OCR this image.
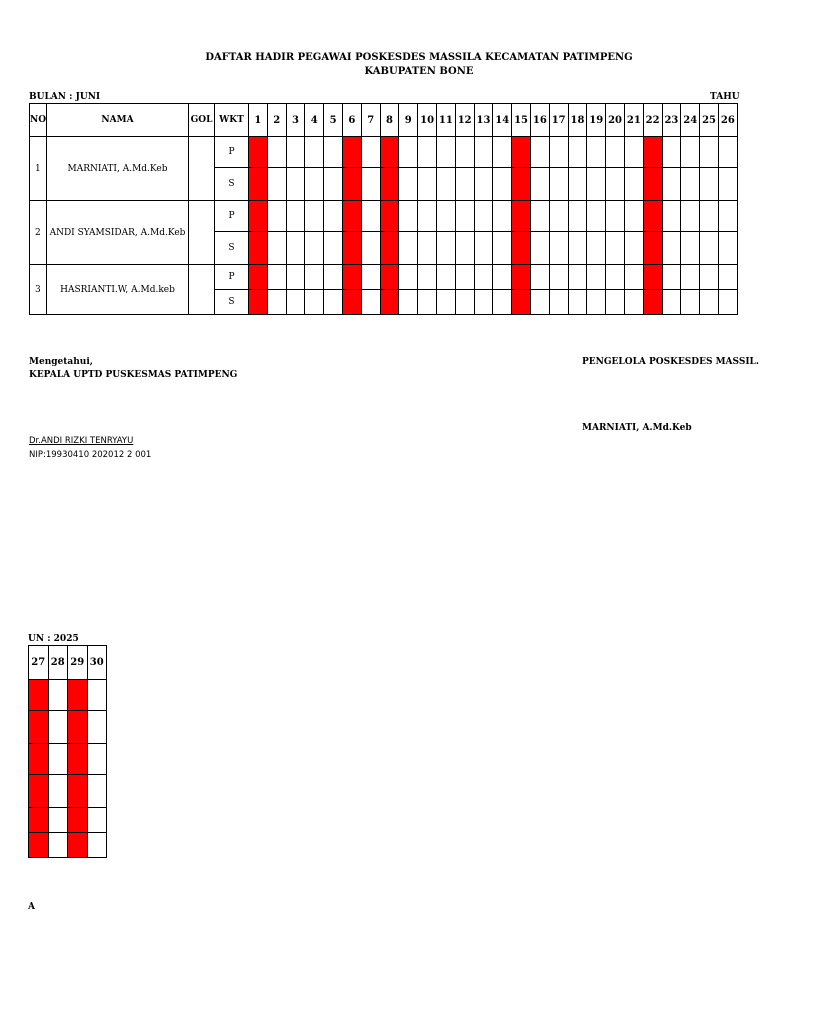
DAFTAR HADIR PEGAWAI POSKESDES MASSILA KECAMATAN PATIMPENG
KABUPATEN BONE
BULAN : JUNI	TAHU
NO	NAMA	GOL	WKT	1	2	3	4	5	6	7	8	9	10	11	12	13	14	15	16	17	18	19	20	21	22	23	24	25	26
1	MARNIATI, A.Md.Keb		P																										
			S																										
2	ANDI SYAMSIDAR, A.Md.Keb		P																										
			S																										
3	HASRIANTI.W, A.Md.keb		P																										
			S																										
Mengetahui,
KEPALA UPTD PUSKESMAS PATIMPENG
Dr.ANDI RIZKI TENRYAYU
NIP:19930410 202012 2 001
PENGELOLA POSKESDES MASSIL.
MARNIATI, A.Md.Keb
UN : 2025
27	28	29	30

A
